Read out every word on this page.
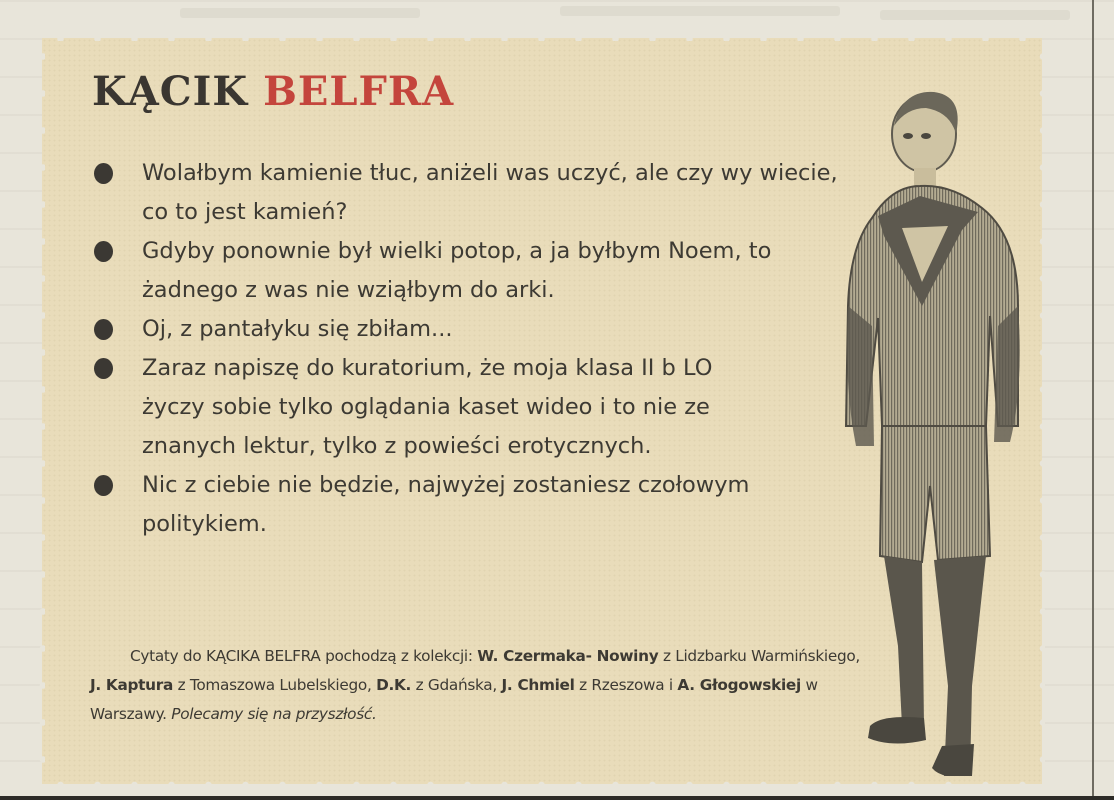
KĄCIK BELFRA
Wolałbym kamienie tłuc, aniżeli was uczyć, ale czy wy wiecie, co to jest kamień?
Gdyby ponownie był wielki potop, a ja byłbym Noem, to żadnego z was nie wziąłbym do arki.
Oj, z pantałyku się zbiłam...
Zaraz napiszę do kuratorium, że moja klasa II b LO życzy sobie tylko oglądania kaset wideo i to nie ze znanych lektur, tylko z powieści erotycznych.
Nic z ciebie nie będzie, najwyżej zostaniesz czołowym politykiem.

Cytaty do KĄCIKA BELFRA pochodzą z kolekcji: W. Czermaka- Nowiny z Lidzbarku Warmińskiego, J. Kaptura z Tomaszowa Lubelskiego, D.K. z Gdańska, J. Chmiel z Rzeszowa i A. Głogowskiej w Warszawy. Polecamy się na przyszłość.
